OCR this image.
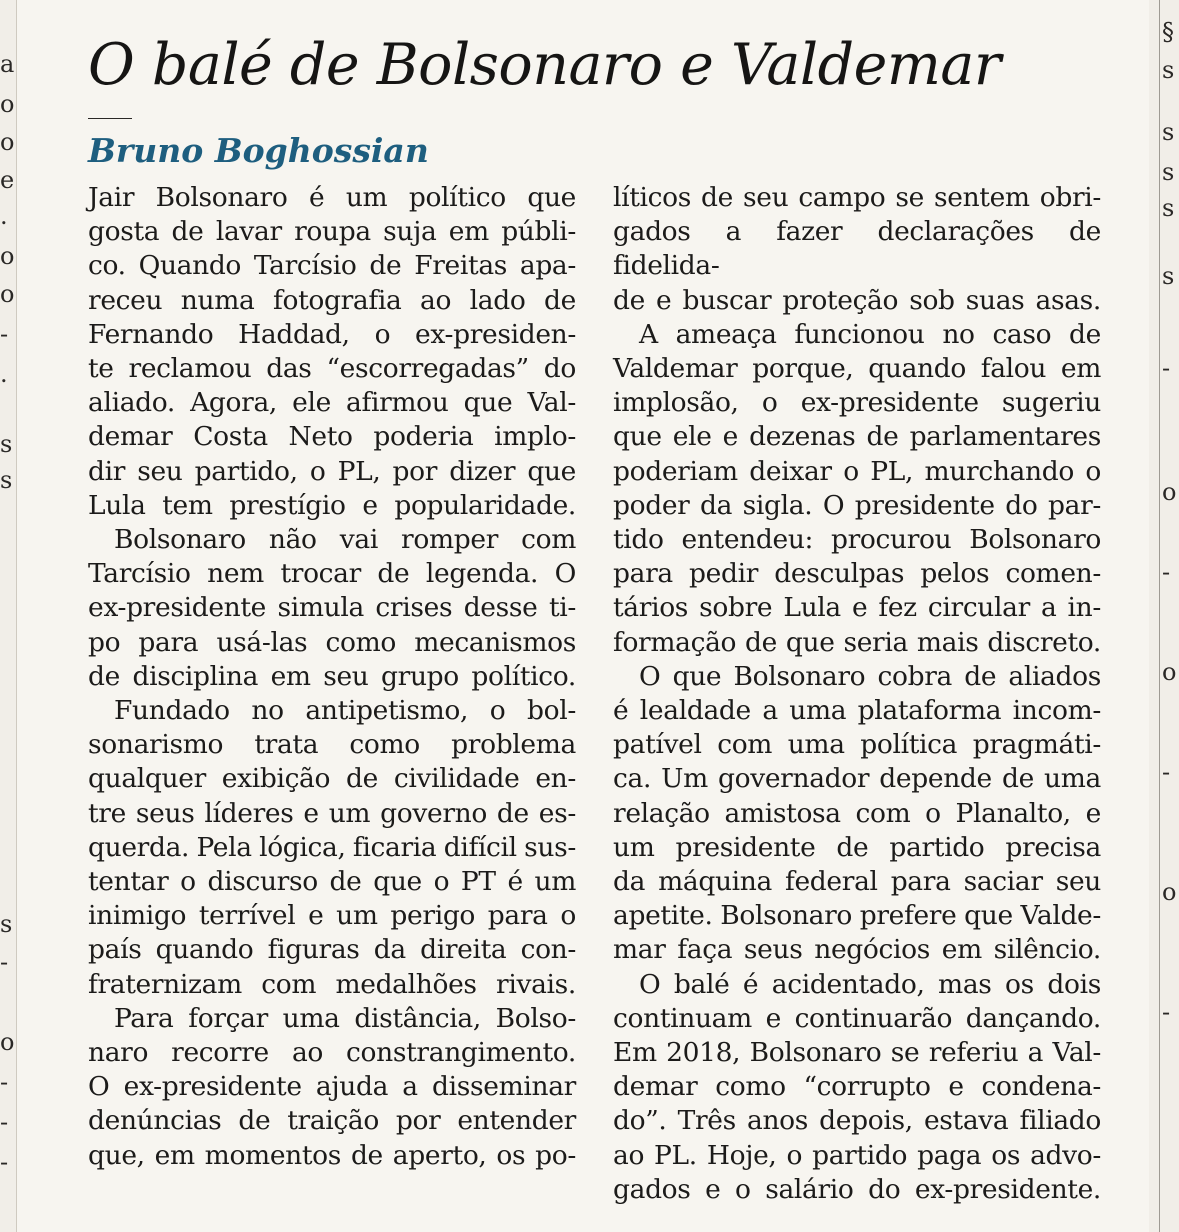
a
o
o
e
.
o
o
-
.
s
s
s
-
o
-
-
-
§
s
s
s
s
s
-
o
-
o
-
o
-
O balé de Bolsonaro e Valdemar
Bruno Boghossian

Jair Bolsonaro é um político que
gosta de lavar roupa suja em públi-
co. Quando Tarcísio de Freitas apa-
receu numa fotografia ao lado de
Fernando Haddad, o ex-presiden-
te reclamou das “escorregadas” do
aliado. Agora, ele afirmou que Val-
demar Costa Neto poderia implo-
dir seu partido, o PL, por dizer que
Lula tem prestígio e popularidade.

Bolsonaro não vai romper com
Tarcísio nem trocar de legenda. O
ex-presidente simula crises desse ti-
po para usá-las como mecanismos
de disciplina em seu grupo político.

Fundado no antipetismo, o bol-
sonarismo trata como problema
qualquer exibição de civilidade en-
tre seus líderes e um governo de es-
querda. Pela lógica, ficaria difícil sus-
tentar o discurso de que o PT é um
inimigo terrível e um perigo para o
país quando figuras da direita con-
fraternizam com medalhões rivais.

Para forçar uma distância, Bolso-
naro recorre ao constrangimento.
O ex-presidente ajuda a disseminar
denúncias de traição por entender
que, em momentos de aperto, os po-

líticos de seu campo se sentem obri-
gados a fazer declarações de fidelida-
de e buscar proteção sob suas asas.

A ameaça funcionou no caso de
Valdemar porque, quando falou em
implosão, o ex-presidente sugeriu
que ele e dezenas de parlamentares
poderiam deixar o PL, murchando o
poder da sigla. O presidente do par-
tido entendeu: procurou Bolsonaro
para pedir desculpas pelos comen-
tários sobre Lula e fez circular a in-
formação de que seria mais discreto.

O que Bolsonaro cobra de aliados
é lealdade a uma plataforma incom-
patível com uma política pragmáti-
ca. Um governador depende de uma
relação amistosa com o Planalto, e
um presidente de partido precisa
da máquina federal para saciar seu
apetite. Bolsonaro prefere que Valde-
mar faça seus negócios em silêncio.

O balé é acidentado, mas os dois
continuam e continuarão dançando.
Em 2018, Bolsonaro se referiu a Val-
demar como “corrupto e condena-
do”. Três anos depois, estava filiado
ao PL. Hoje, o partido paga os advo-
gados e o salário do ex-presidente.
